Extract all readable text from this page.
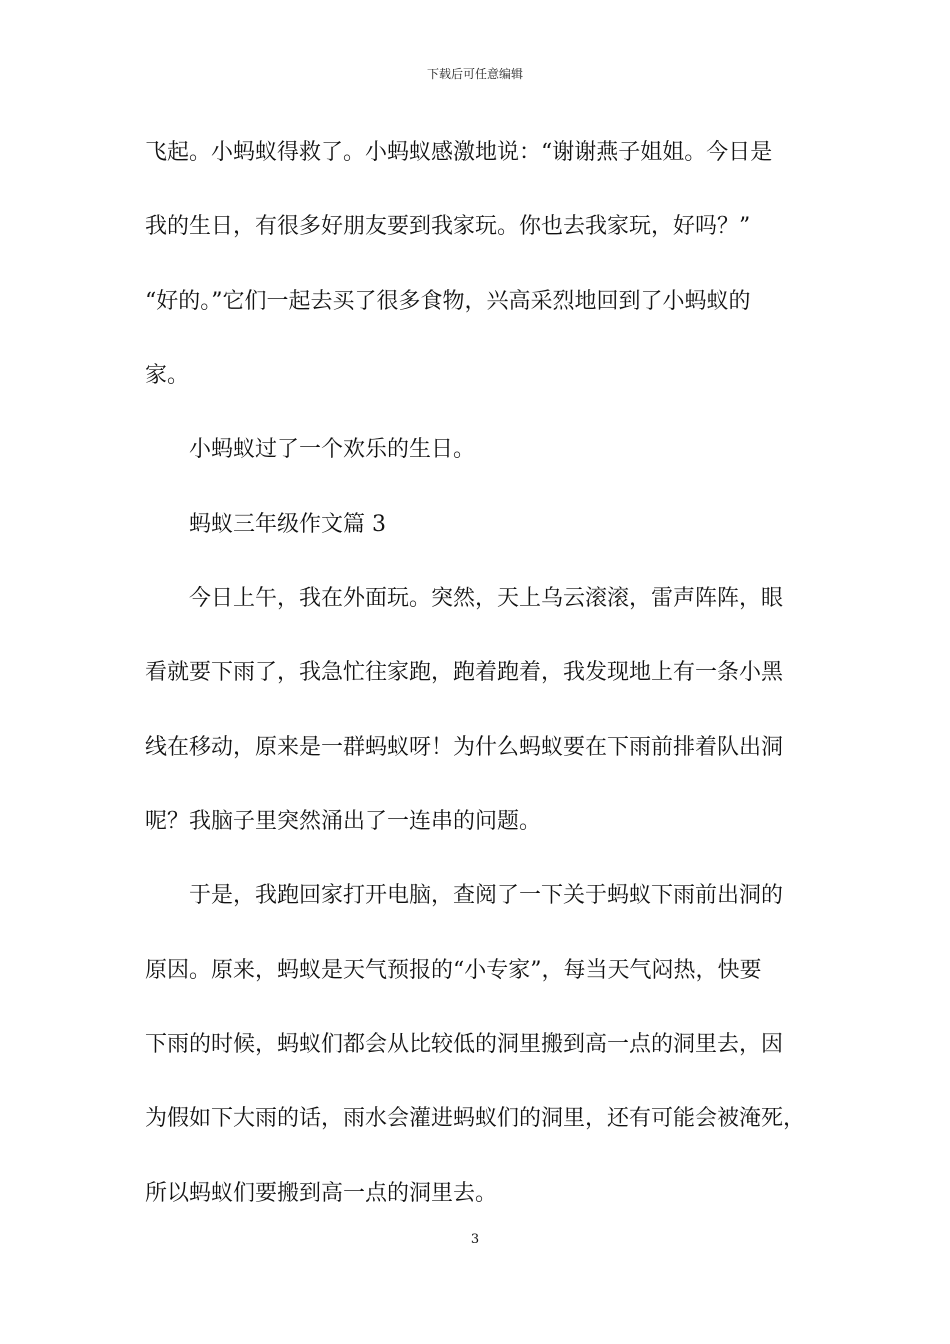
下载后可任意编辑
飞起。小蚂蚁得救了。小蚂蚁感激地说：“谢谢燕子姐姐。今日是
我的生日，有很多好朋友要到我家玩。你也去我家玩，好吗？”
“好的。”它们一起去买了很多食物，兴高采烈地回到了小蚂蚁的
家。
小蚂蚁过了一个欢乐的生日。
蚂蚁三年级作文篇 3
今日上午，我在外面玩。突然，天上乌云滚滚，雷声阵阵，眼
看就要下雨了，我急忙往家跑，跑着跑着，我发现地上有一条小黑
线在移动，原来是一群蚂蚁呀！为什么蚂蚁要在下雨前排着队出洞
呢？我脑子里突然涌出了一连串的问题。
于是，我跑回家打开电脑，查阅了一下关于蚂蚁下雨前出洞的
原因。原来，蚂蚁是天气预报的“小专家”，每当天气闷热，快要
下雨的时候，蚂蚁们都会从比较低的洞里搬到高一点的洞里去，因
为假如下大雨的话，雨水会灌进蚂蚁们的洞里，还有可能会被淹死，
所以蚂蚁们要搬到高一点的洞里去。
3
